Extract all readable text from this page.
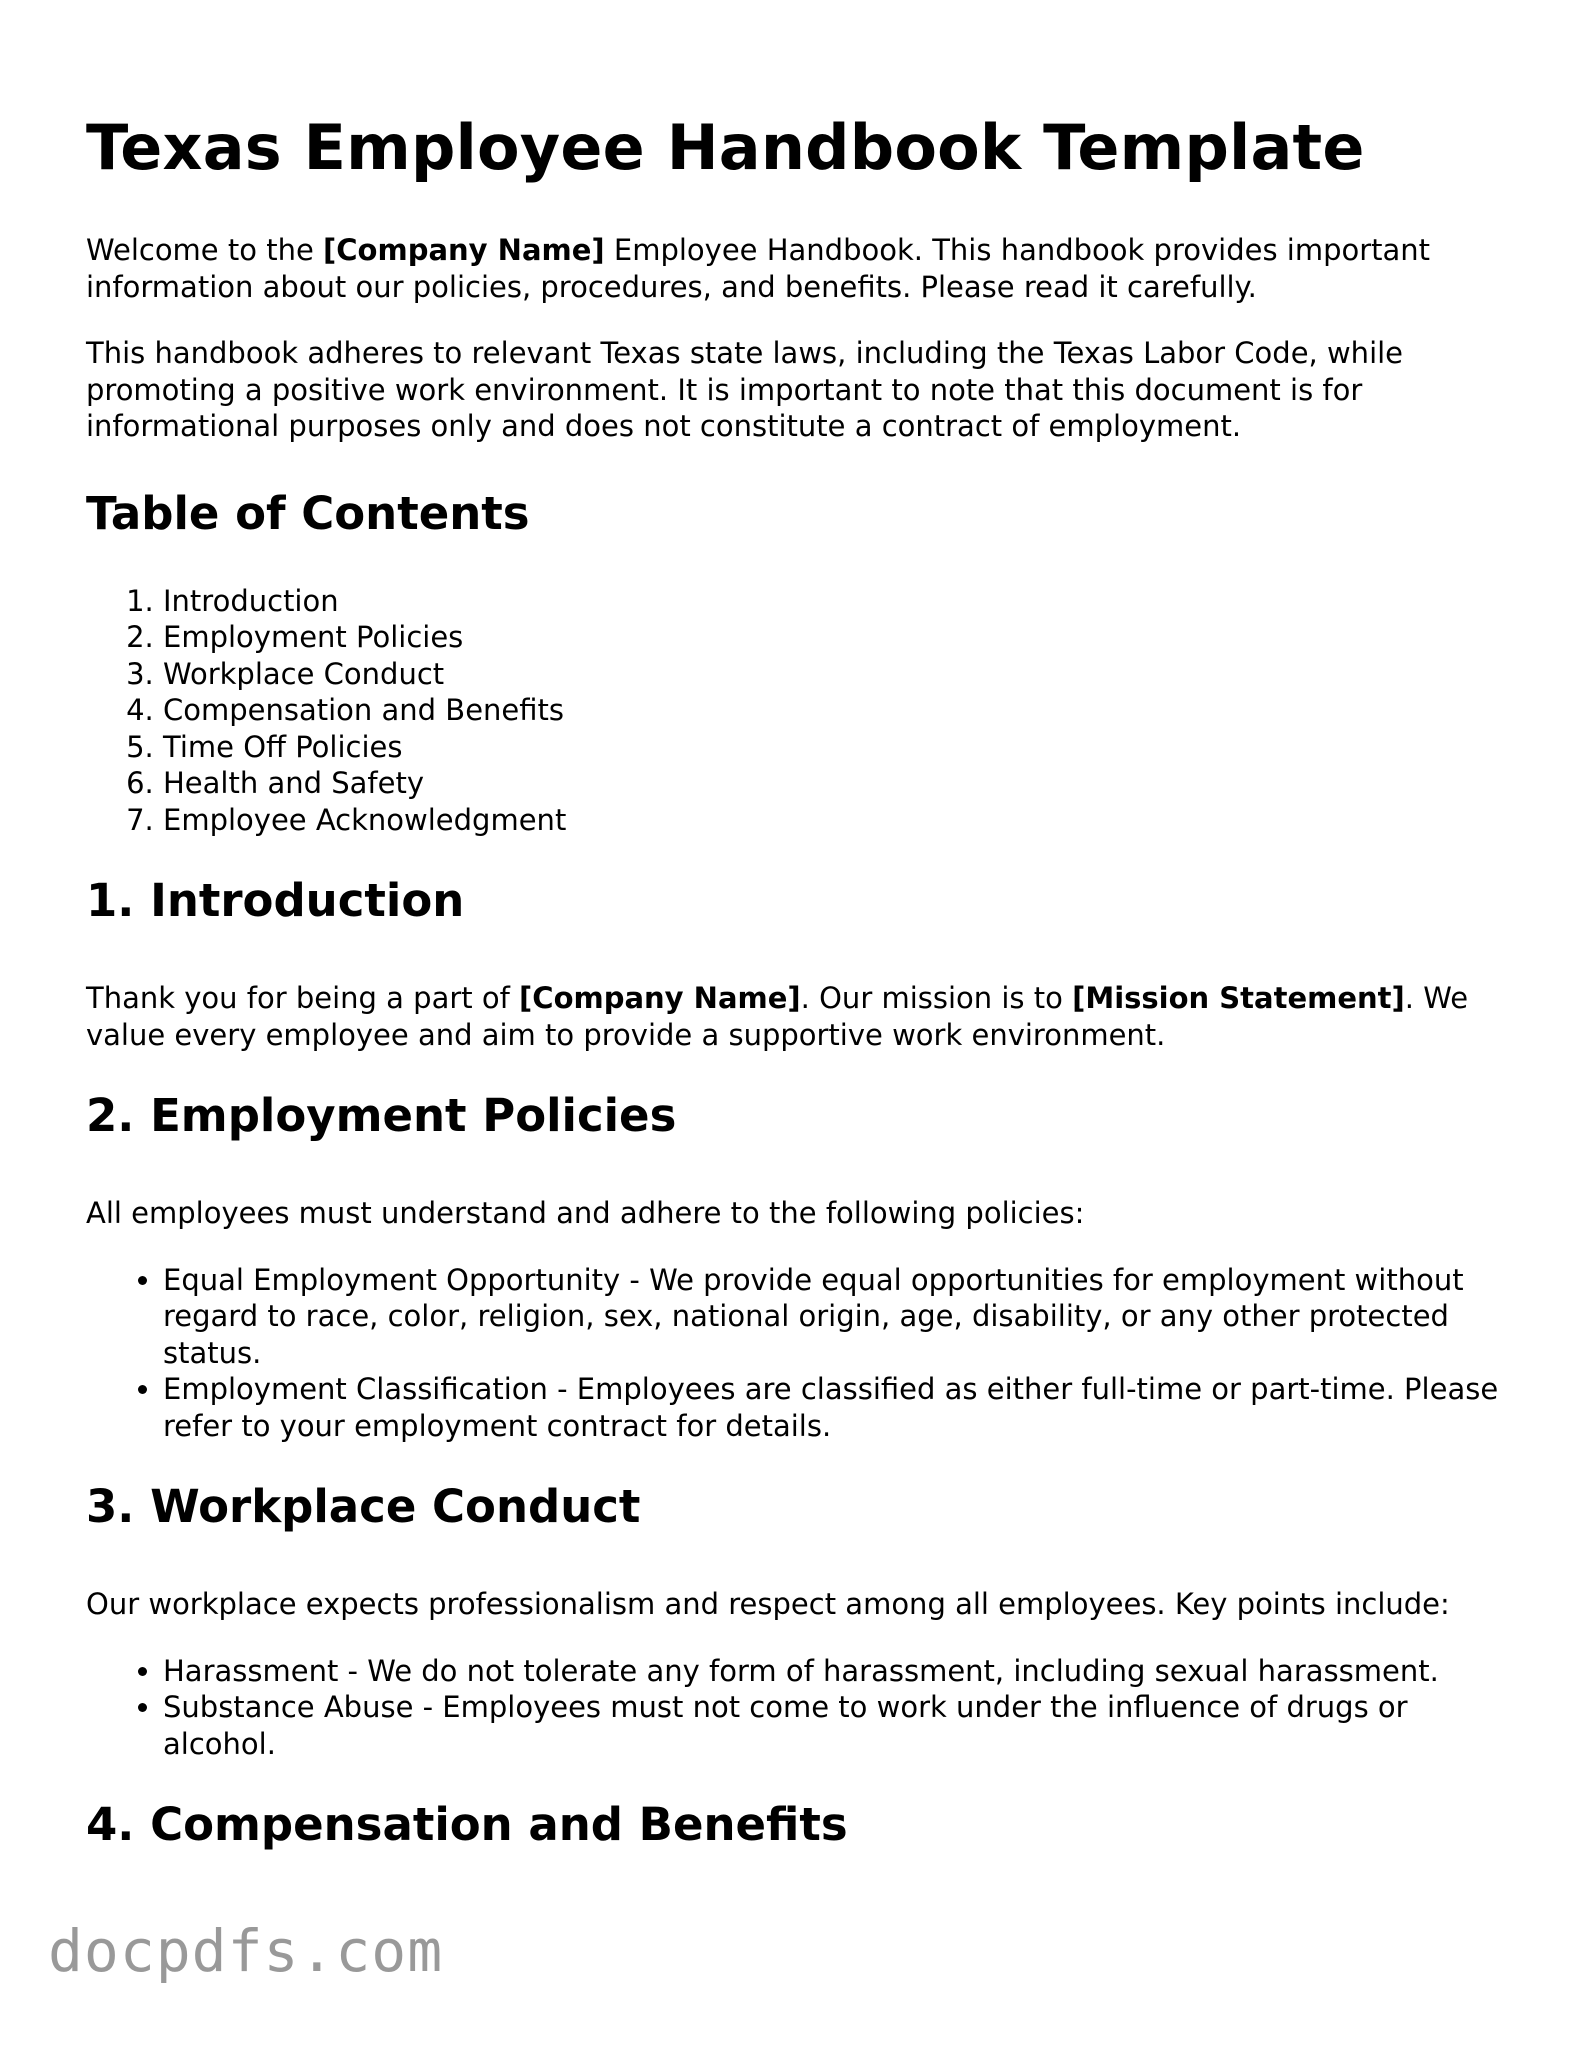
Texas Employee Handbook Template

Welcome to the [Company Name] Employee Handbook. This handbook provides important information about our policies, procedures, and benefits. Please read it carefully.

This handbook adheres to relevant Texas state laws, including the Texas Labor Code, while promoting a positive work environment. It is important to note that this document is for informational purposes only and does not constitute a contract of employment.

Table of Contents
1. Introduction
2. Employment Policies
3. Workplace Conduct
4. Compensation and Benefits
5. Time Off Policies
6. Health and Safety
7. Employee Acknowledgment
1. Introduction

Thank you for being a part of [Company Name]. Our mission is to [Mission Statement]. We value every employee and aim to provide a supportive work environment.

2. Employment Policies

All employees must understand and adhere to the following policies:

• Equal Employment Opportunity - We provide equal opportunities for employment without regard to race, color, religion, sex, national origin, age, disability, or any other protected status.
• Employment Classification - Employees are classified as either full-time or part-time. Please refer to your employment contract for details.
3. Workplace Conduct

Our workplace expects professionalism and respect among all employees. Key points include:

• Harassment - We do not tolerate any form of harassment, including sexual harassment.
• Substance Abuse - Employees must not come to work under the influence of drugs or alcohol.
4. Compensation and Benefits
docpdfs.com
